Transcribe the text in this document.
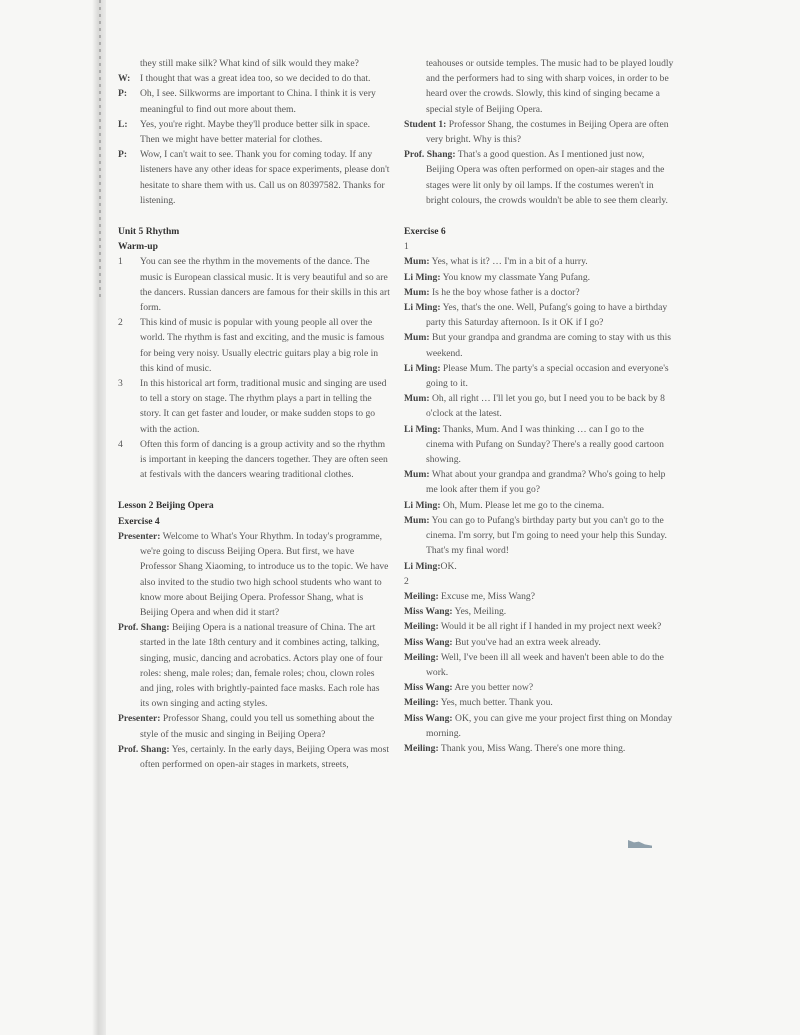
they still make silk? What kind of silk would they make?

W: I thought that was a great idea too, so we decided to do that.

P: Oh, I see. Silkworms are important to China. I think it is very meaningful to find out more about them.

L: Yes, you're right. Maybe they'll produce better silk in space. Then we might have better material for clothes.

P: Wow, I can't wait to see. Thank you for coming today. If any listeners have any other ideas for space experiments, please don't hesitate to share them with us. Call us on 80397582. Thanks for listening.

Unit 5 Rhythm

Warm-up

1 You can see the rhythm in the movements of the dance. The music is European classical music. It is very beautiful and so are the dancers. Russian dancers are famous for their skills in this art form.

2 This kind of music is popular with young people all over the world. The rhythm is fast and exciting, and the music is famous for being very noisy. Usually electric guitars play a big role in this kind of music.

3 In this historical art form, traditional music and singing are used to tell a story on stage. The rhythm plays a part in telling the story. It can get faster and louder, or make sudden stops to go with the action.

4 Often this form of dancing is a group activity and so the rhythm is important in keeping the dancers together. They are often seen at festivals with the dancers wearing traditional clothes.

Lesson 2 Beijing Opera

Exercise 4

Presenter: Welcome to What's Your Rhythm. In today's programme, we're going to discuss Beijing Opera. But first, we have Professor Shang Xiaoming, to introduce us to the topic. We have also invited to the studio two high school students who want to know more about Beijing Opera. Professor Shang, what is Beijing Opera and when did it start?

Prof. Shang: Beijing Opera is a national treasure of China. The art started in the late 18th century and it combines acting, talking, singing, music, dancing and acrobatics. Actors play one of four roles: sheng, male roles; dan, female roles; chou, clown roles and jing, roles with brightly-painted face masks. Each role has its own singing and acting styles.

Presenter: Professor Shang, could you tell us something about the style of the music and singing in Beijing Opera?

Prof. Shang: Yes, certainly. In the early days, Beijing Opera was most often performed on open-air stages in markets, streets,

teahouses or outside temples. The music had to be played loudly and the performers had to sing with sharp voices, in order to be heard over the crowds. Slowly, this kind of singing became a special style of Beijing Opera.

Student 1: Professor Shang, the costumes in Beijing Opera are often very bright. Why is this?

Prof. Shang: That's a good question. As I mentioned just now, Beijing Opera was often performed on open-air stages and the stages were lit only by oil lamps. If the costumes weren't in bright colours, the crowds wouldn't be able to see them clearly.

Exercise 6

1

Mum: Yes, what is it? … I'm in a bit of a hurry.

Li Ming: You know my classmate Yang Pufang.

Mum: Is he the boy whose father is a doctor?

Li Ming: Yes, that's the one. Well, Pufang's going to have a birthday party this Saturday afternoon. Is it OK if I go?

Mum: But your grandpa and grandma are coming to stay with us this weekend.

Li Ming: Please Mum. The party's a special occasion and everyone's going to it.

Mum: Oh, all right … I'll let you go, but I need you to be back by 8 o'clock at the latest.

Li Ming: Thanks, Mum. And I was thinking … can I go to the cinema with Pufang on Sunday? There's a really good cartoon showing.

Mum: What about your grandpa and grandma? Who's going to help me look after them if you go?

Li Ming: Oh, Mum. Please let me go to the cinema.

Mum: You can go to Pufang's birthday party but you can't go to the cinema. I'm sorry, but I'm going to need your help this Sunday. That's my final word!

Li Ming:OK.

2

Meiling: Excuse me, Miss Wang?

Miss Wang: Yes, Meiling.

Meiling: Would it be all right if I handed in my project next week?

Miss Wang: But you've had an extra week already.

Meiling: Well, I've been ill all week and haven't been able to do the work.

Miss Wang: Are you better now?

Meiling: Yes, much better. Thank you.

Miss Wang: OK, you can give me your project first thing on Monday morning.

Meiling: Thank you, Miss Wang. There's one more thing.
